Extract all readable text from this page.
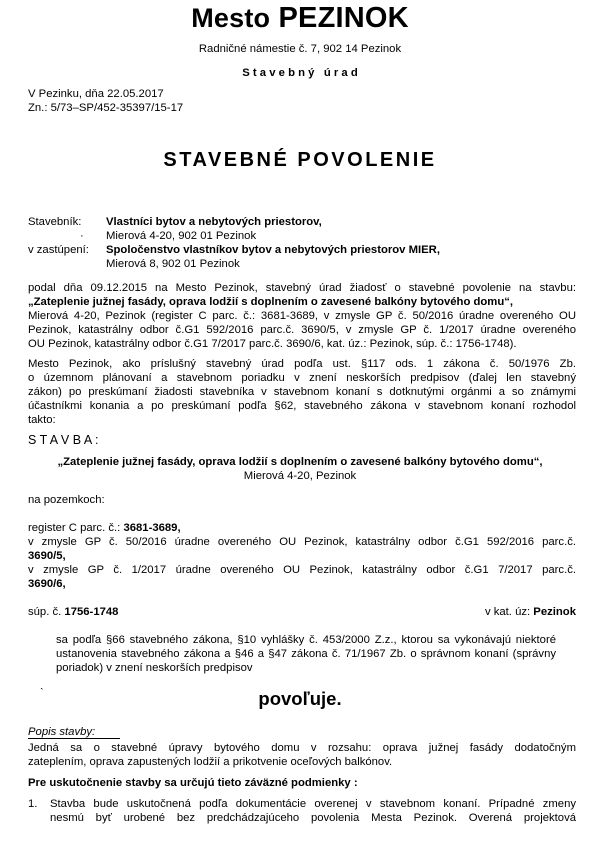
Mesto PEZINOK
Radničné námestie č. 7, 902 14 Pezinok
S t a v e b n ý   ú r a d
V Pezinku, dňa 22.05.2017
Zn.: 5/73–SP/452-35397/15-17
STAVEBNÉ POVOLENIE
Stavebník: Vlastníci bytov a nebytových priestorov,
· Mierová 4-20, 902 01 Pezinok
v zastúpení: Spoločenstvo vlastníkov bytov a nebytových priestorov MIER,
Mierová 8, 902 01 Pezinok
podal dňa 09.12.2015 na Mesto Pezinok, stavebný úrad žiadosť o stavebné povolenie na stavbu:
„Zateplenie južnej fasády, oprava lodžií s doplnením o zavesené balkóny bytového domu“,
Mierová 4-20, Pezinok (register C parc. č.: 3681-3689, v zmysle GP č. 50/2016 úradne overeného OU
Pezinok, katastrálny odbor č.G1 592/2016 parc.č. 3690/5, v zmysle GP č. 1/2017 úradne overeného
OU Pezinok, katastrálny odbor č.G1 7/2017 parc.č. 3690/6, kat. úz.: Pezinok, súp. č.: 1756-1748).
Mesto Pezinok, ako príslušný stavebný úrad podľa ust. §117 ods. 1 zákona č. 50/1976 Zb.
o územnom plánovaní a stavebnom poriadku v znení neskorších predpisov (ďalej len stavebný
zákon) po preskúmaní žiadosti stavebníka v stavebnom konaní s dotknutými orgánmi a so známymi
účastníkmi konania a po preskúmaní podľa §62, stavebného zákona v stavebnom konaní rozhodol
takto:
S T A V B A :
„Zateplenie južnej fasády, oprava lodžií s doplnením o zavesené balkóny bytového domu“,
Mierová 4-20, Pezinok
na pozemkoch:
register C parc. č.: 3681-3689,
v zmysle GP č. 50/2016 úradne overeného OU Pezinok, katastrálny odbor č.G1 592/2016 parc.č.
3690/5,
v zmysle GP č. 1/2017 úradne overeného OU Pezinok, katastrálny odbor č.G1 7/2017 parc.č.
3690/6,
súp. č. 1756-1748	v kat. úz: Pezinok
sa podľa §66 stavebného zákona, §10 vyhlášky č. 453/2000 Z.z., ktorou sa vykonávajú niektoré
ustanovenia stavebného zákona a §46 a §47 zákona č. 71/1967 Zb. o správnom konaní (správny
poriadok) v znení neskorších predpisov
ˋ	povoľuje.
Popis stavby:
Jedná sa o stavebné úpravy bytového domu v rozsahu: oprava južnej fasády dodatočným
zateplením, oprava zapustených lodžií a prikotvenie oceľových balkónov.
Pre uskutočnenie stavby sa určujú tieto záväzné podmienky :
1. Stavba bude uskutočnená podľa dokumentácie overenej v stavebnom konaní. Prípadné zmeny
nesmú byť urobené bez predchádzajúceho povolenia Mesta Pezinok. Overená projektová
